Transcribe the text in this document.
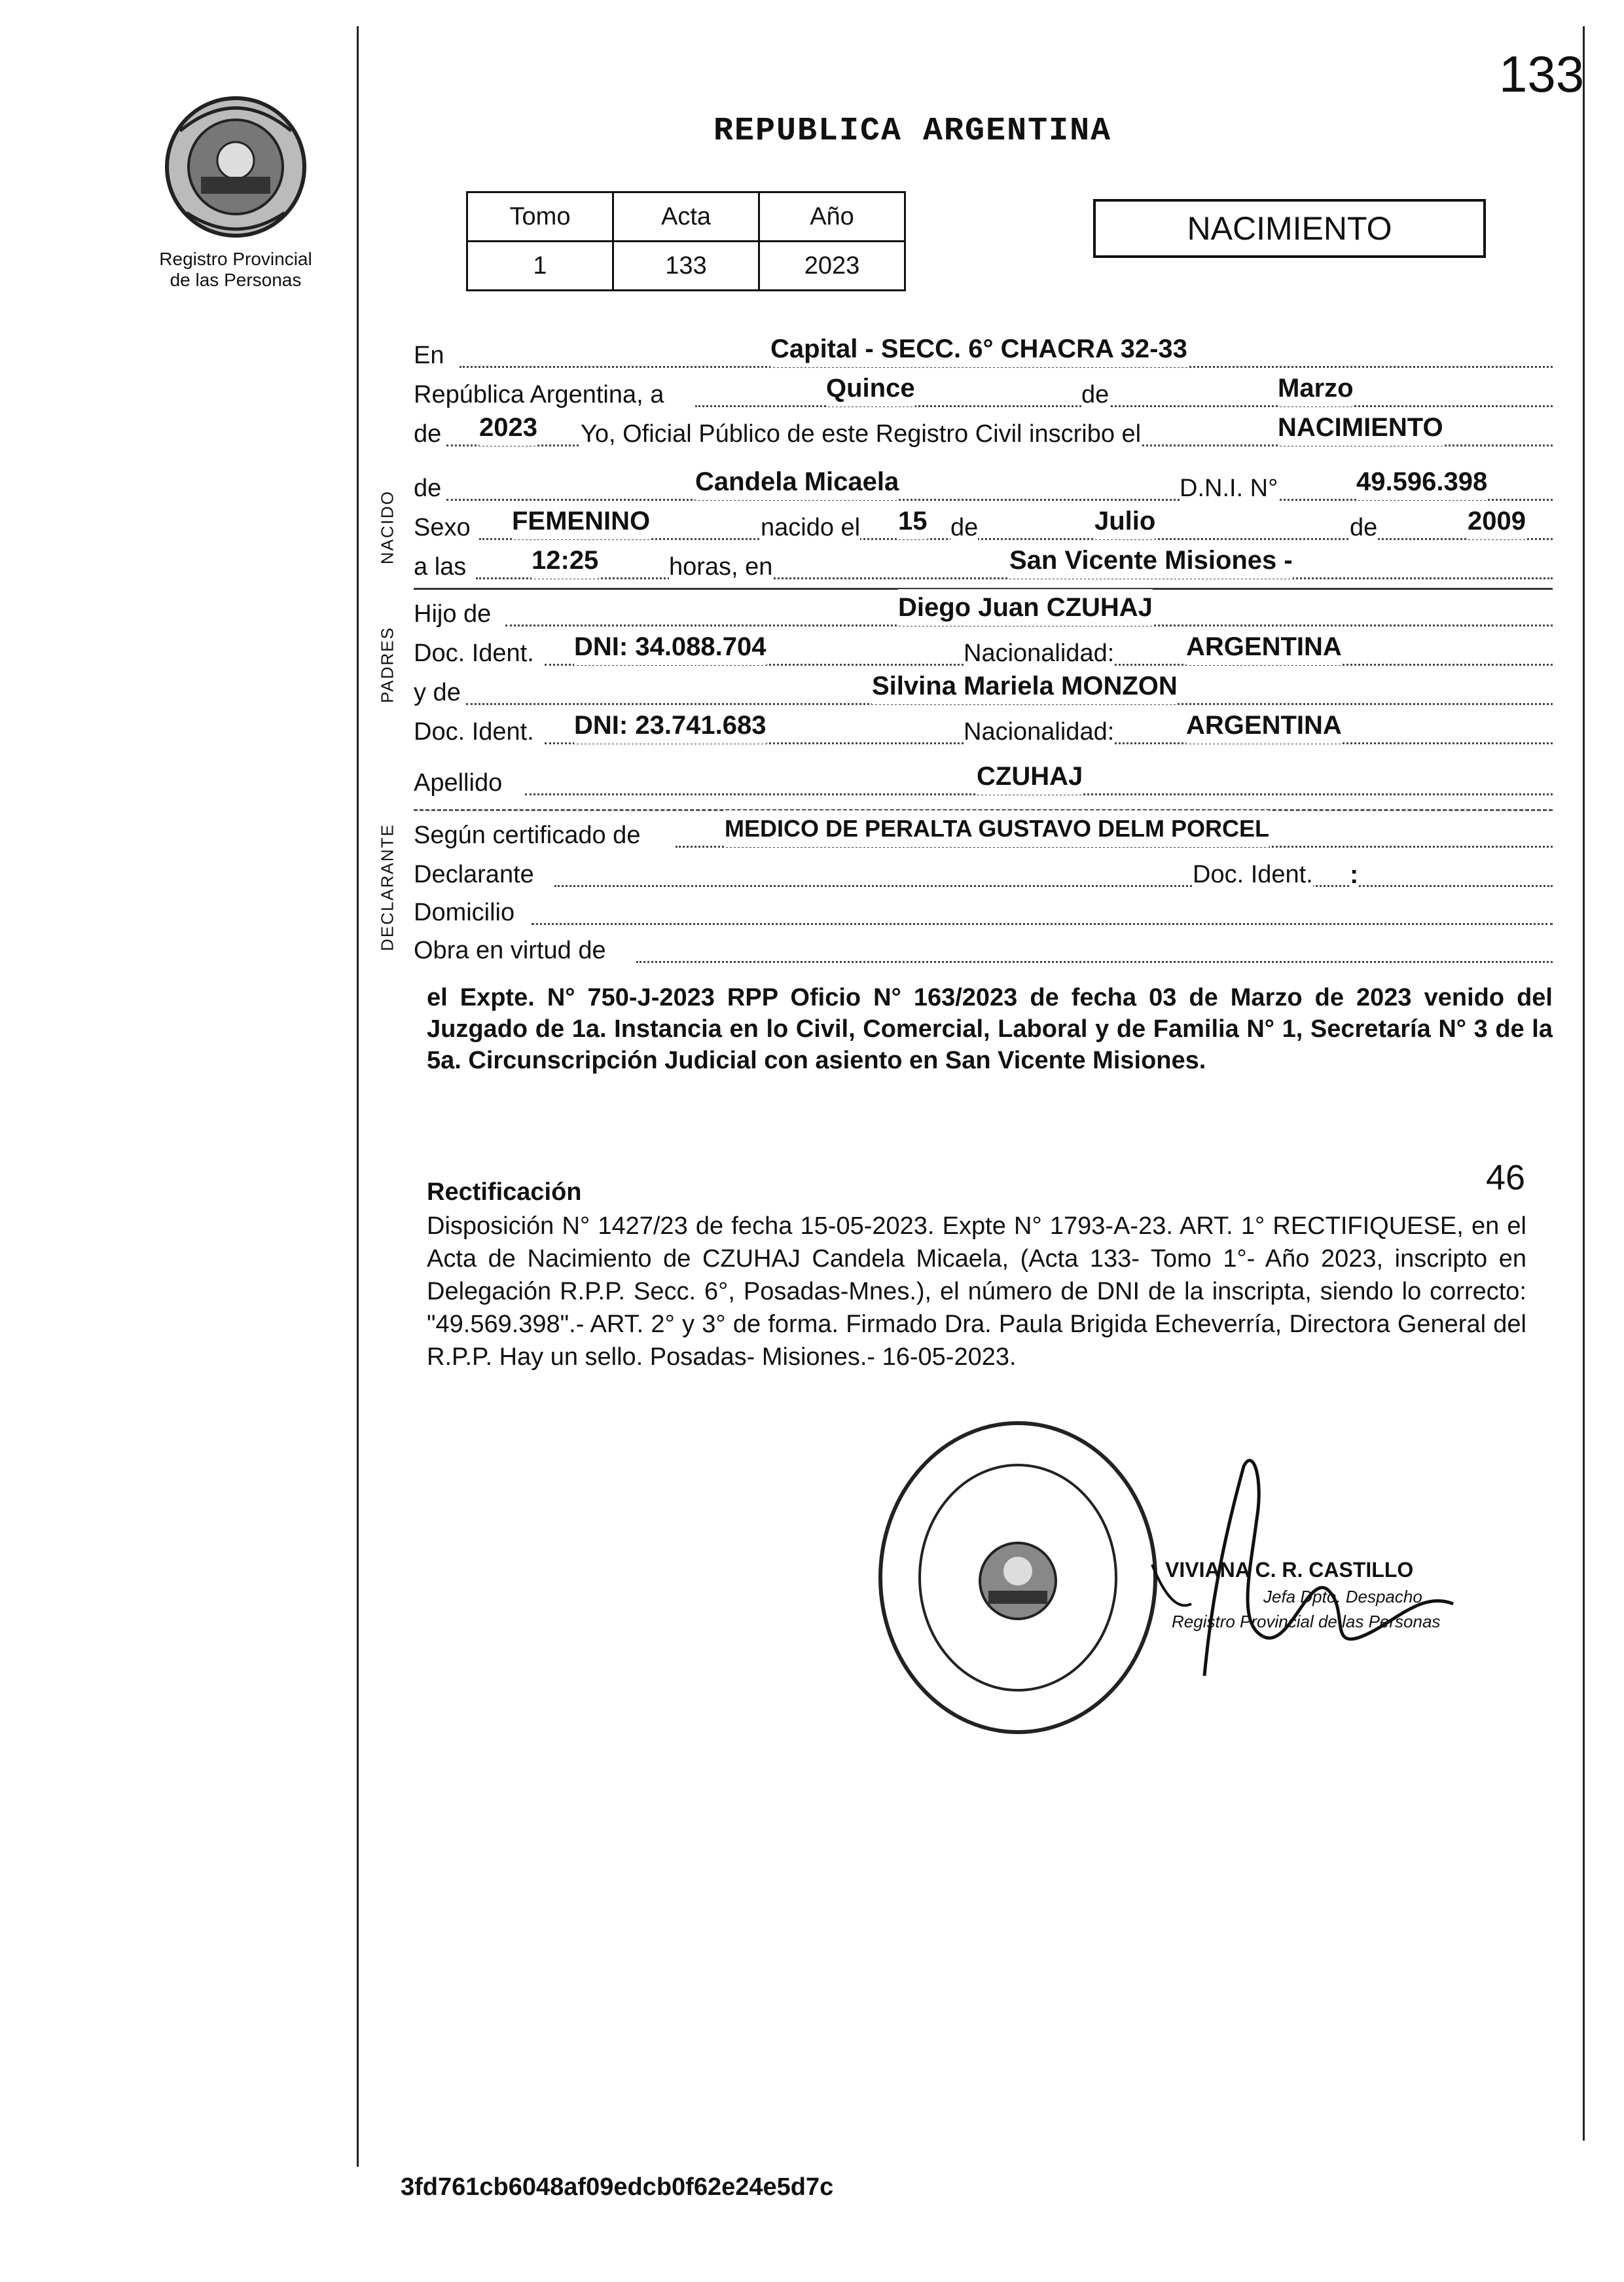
133
Registro Provincial
de las Personas
REPUBLICA ARGENTINA
Tomo	Acta	Año
1	133	2023
NACIMIENTO
En	Capital - SECC. 6° CHACRA 32-33
República Argentina, a	Quince	de	Marzo
de 2023 Yo, Oficial Público de este Registro Civil inscribo el	NACIMIENTO
NACIDO
de	Candela Micaela	D.N.I. N°	49.596.398
Sexo FEMENINO	nacido el 15 de	Julio	de	2009
a las 12:25	horas, en	San Vicente Misiones -
PADRES
Hijo de	Diego Juan CZUHAJ
Doc. Ident. DNI: 34.088.704	Nacionalidad:	ARGENTINA
y de	Silvina Mariela MONZON
Doc. Ident. DNI: 23.741.683	Nacionalidad:	ARGENTINA
Apellido	CZUHAJ
DECLARANTE Según certificado de	MEDICO DE PERALTA GUSTAVO DELM PORCEL
Declarante	Doc. Ident. :
Domicilio
Obra en virtud de
el Expte. N° 750-J-2023 RPP Oficio N° 163/2023 de fecha 03 de Marzo de 2023 venido del Juzgado de 1a. Instancia en lo Civil, Comercial, Laboral y de Familia N° 1, Secretaría N° 3 de la 5a. Circunscripción Judicial con asiento en San Vicente Misiones.
Rectificación	46
Disposición N° 1427/23 de fecha 15-05-2023. Expte N° 1793-A-23. ART. 1° RECTIFIQUESE, en el Acta de Nacimiento de CZUHAJ Candela Micaela, (Acta 133- Tomo 1°- Año 2023, inscripto en Delegación R.P.P. Secc. 6°, Posadas-Mnes.), el número de DNI de la inscripta, siendo lo correcto: "49.569.398".- ART. 2° y 3° de forma. Firmado Dra. Paula Brigida Echeverría, Directora General del R.P.P. Hay un sello. Posadas- Misiones.- 16-05-2023.
VIVIANA C. R. CASTILLO
Jefa Dpto. Despacho
Registro Provincial de las Personas
3fd761cb6048af09edcb0f62e24e5d7c
